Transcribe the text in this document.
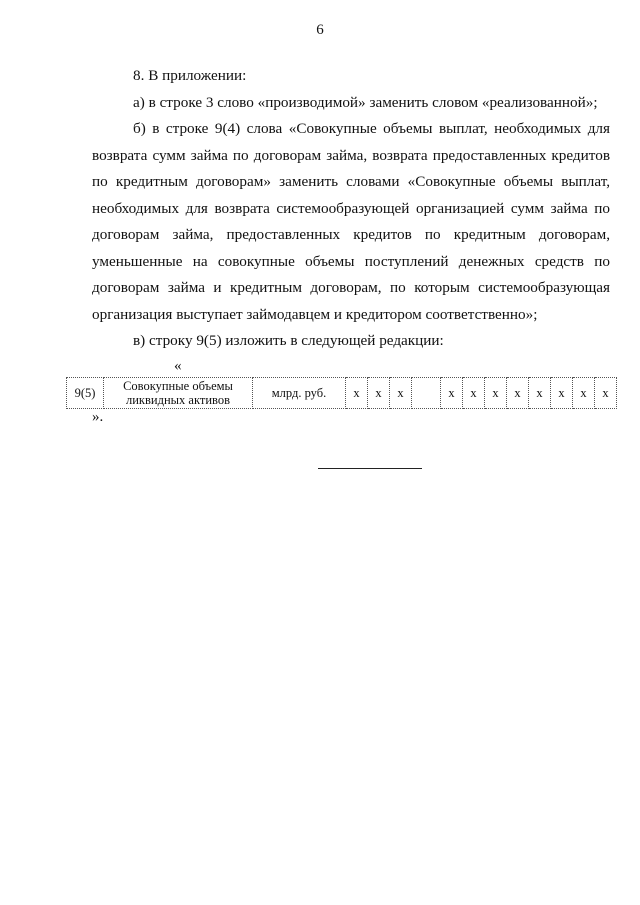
6

8. В приложении:

а) в строке 3 слово «производимой» заменить словом «реализованной»;

б) в строке 9(4) слова «Совокупные объемы выплат, необходимых для возврата сумм займа по договорам займа, возврата предоставленных кредитов по кредитным договорам» заменить словами «Совокупные объемы выплат, необходимых для возврата системообразующей организацией сумм займа по договорам займа, предоставленных кредитов по кредитным договорам, уменьшенные на совокупные объемы поступлений денежных средств по договорам займа и кредитным договорам, по которым системообразующая организация выступает займодавцем и кредитором соответственно»;

в) строку 9(5) изложить в следующей редакции:

«

9(5)	Совокупные объемы ликвидных активов	млрд. руб.	х	х	х		х	х	х	х	х	х	х	х
».
